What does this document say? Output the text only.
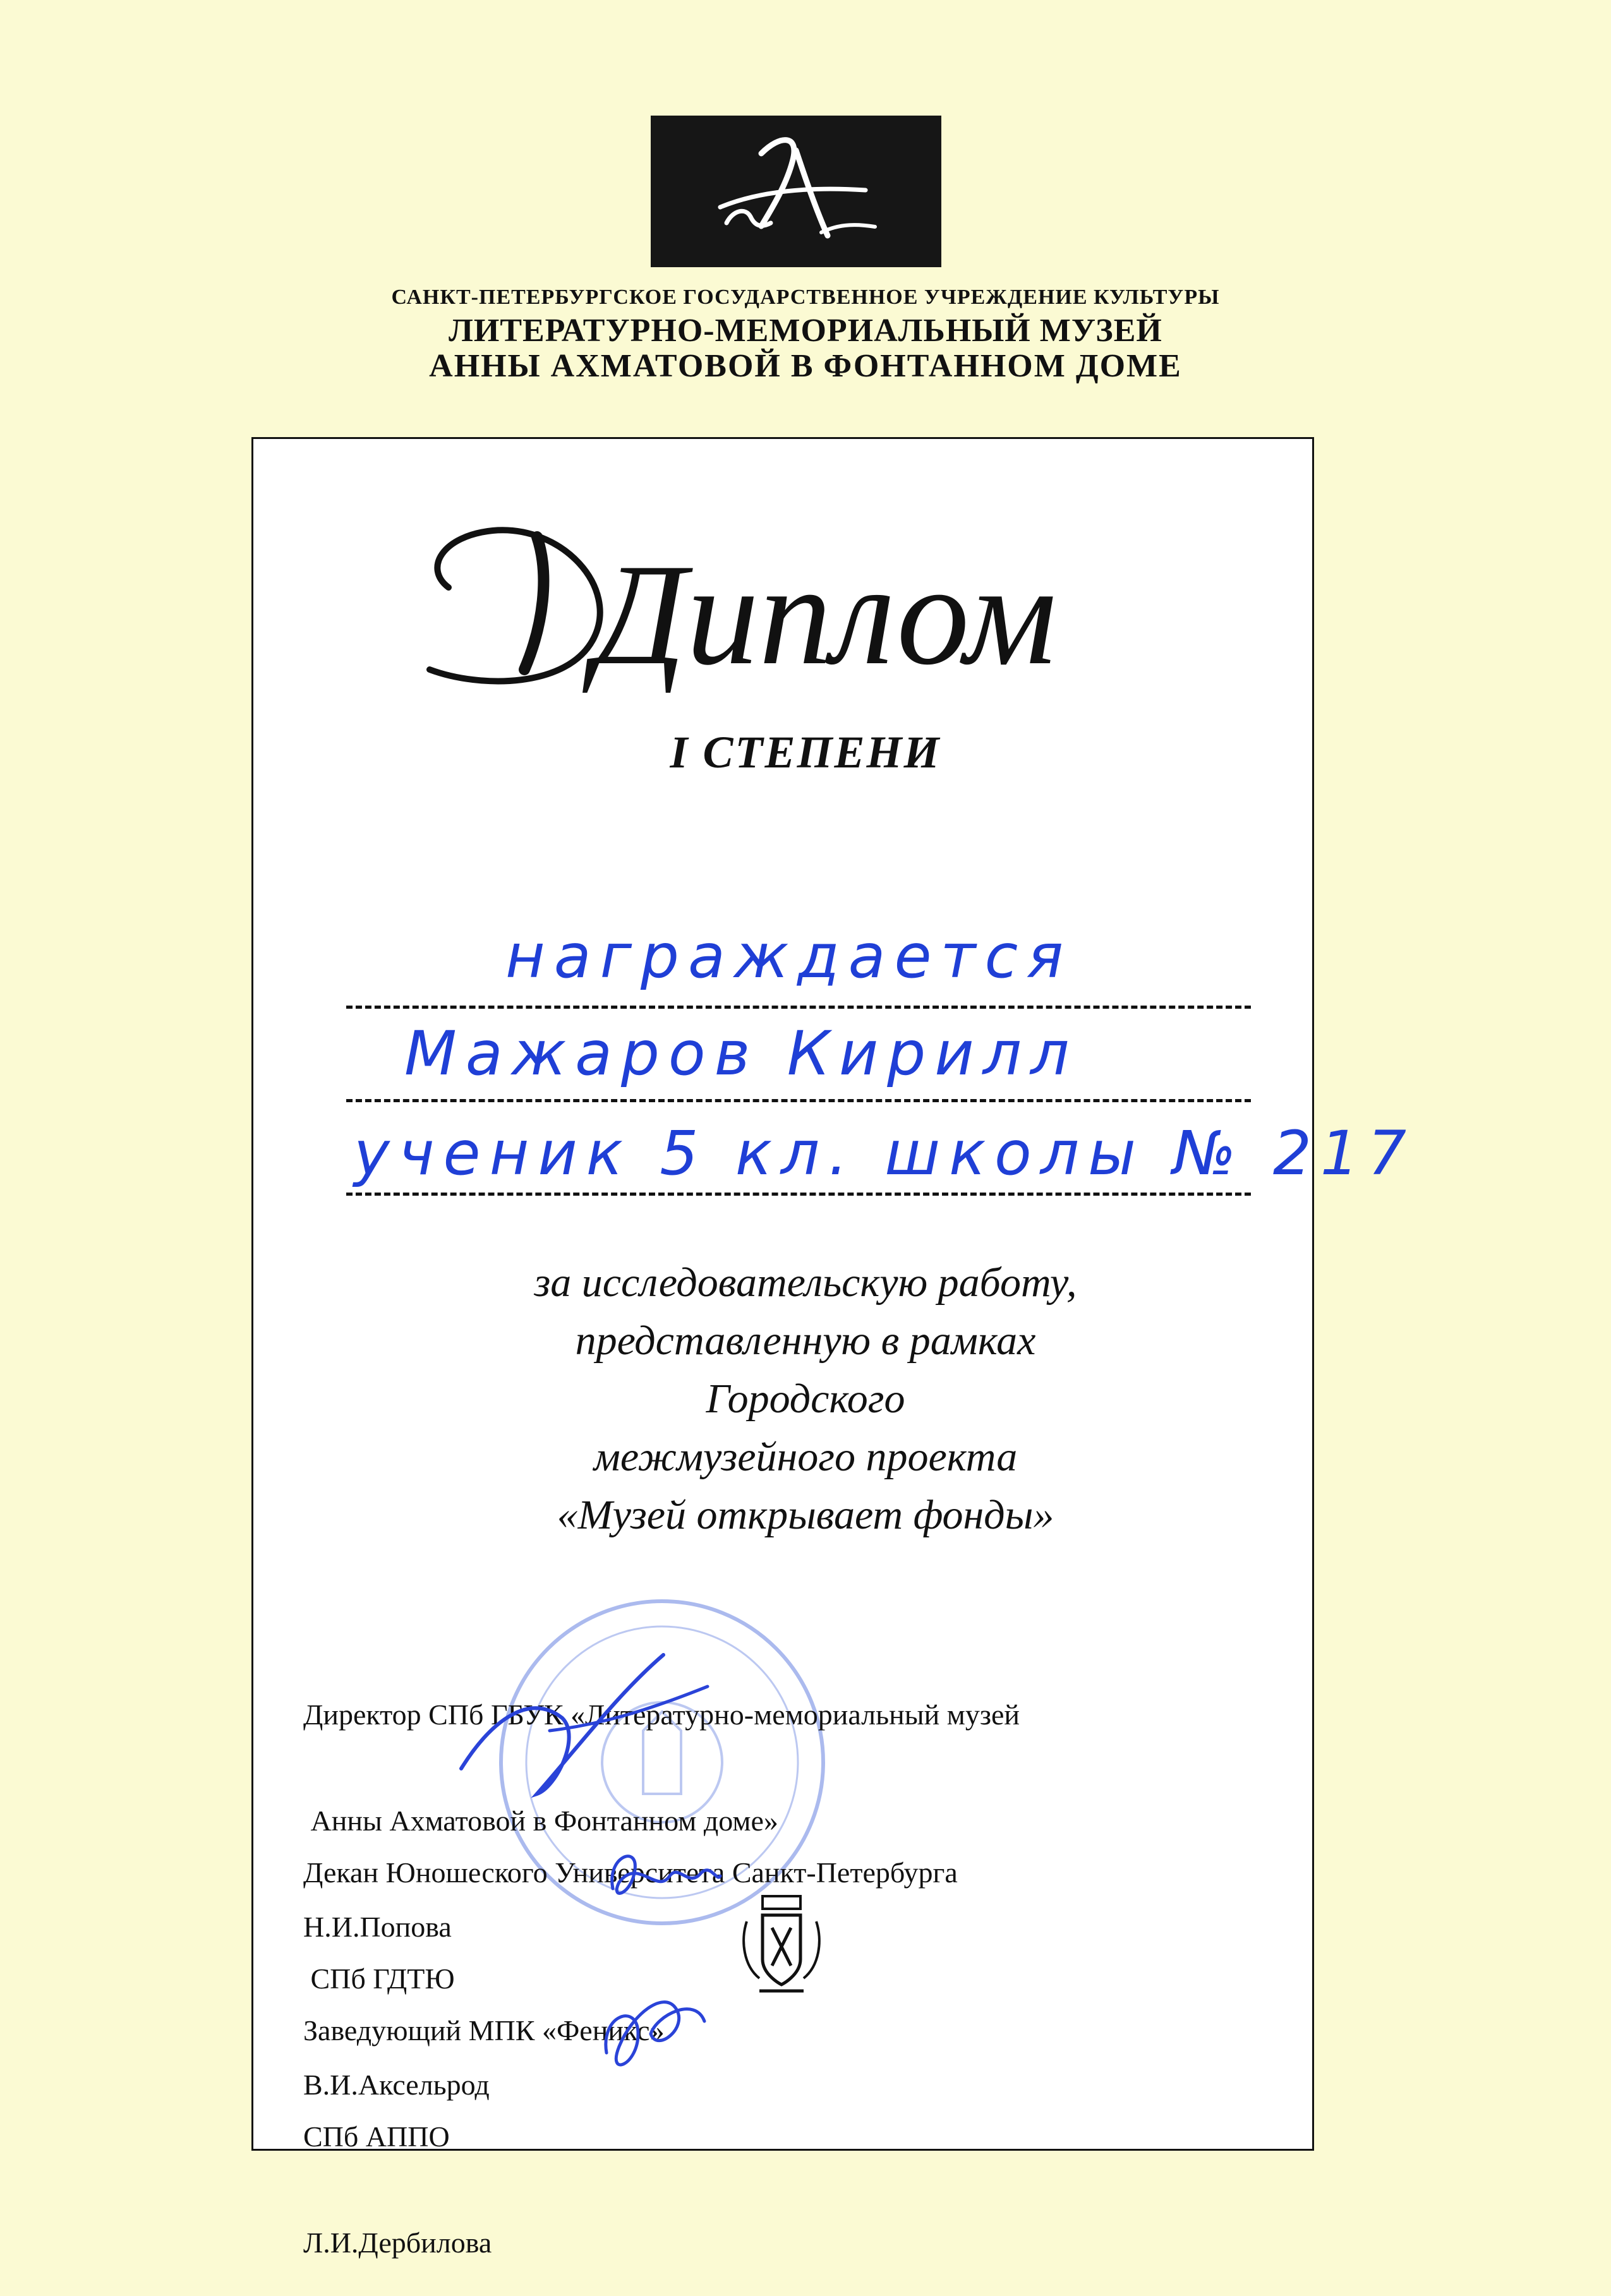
САНКТ-ПЕТЕРБУРГСКОЕ ГОСУДАРСТВЕННОЕ УЧРЕЖДЕНИЕ КУЛЬТУРЫ
ЛИТЕРАТУРНО-МЕМОРИАЛЬНЫЙ МУЗЕЙ
АННЫ АХМАТОВОЙ В ФОНТАННОМ ДОМЕ
Диплом
I СТЕПЕНИ
награждается
Мажаров Кирилл
ученик 5 кл. школы № 217
за исследовательскую работу,
представленную в рамках
Городского
межмузейного проекта
«Музей открывает фонды»

Директор СПб ГБУК «Литературно-мемориальный музей

Анны Ахматовой в Фонтанном доме»

Н.И.Попова

Декан Юношеского Университета Санкт-Петербурга

СПб ГДТЮ

В.И.Аксельрод

Заведующий МПК «Феникс»

СПб АППО

Л.И.Дербилова
